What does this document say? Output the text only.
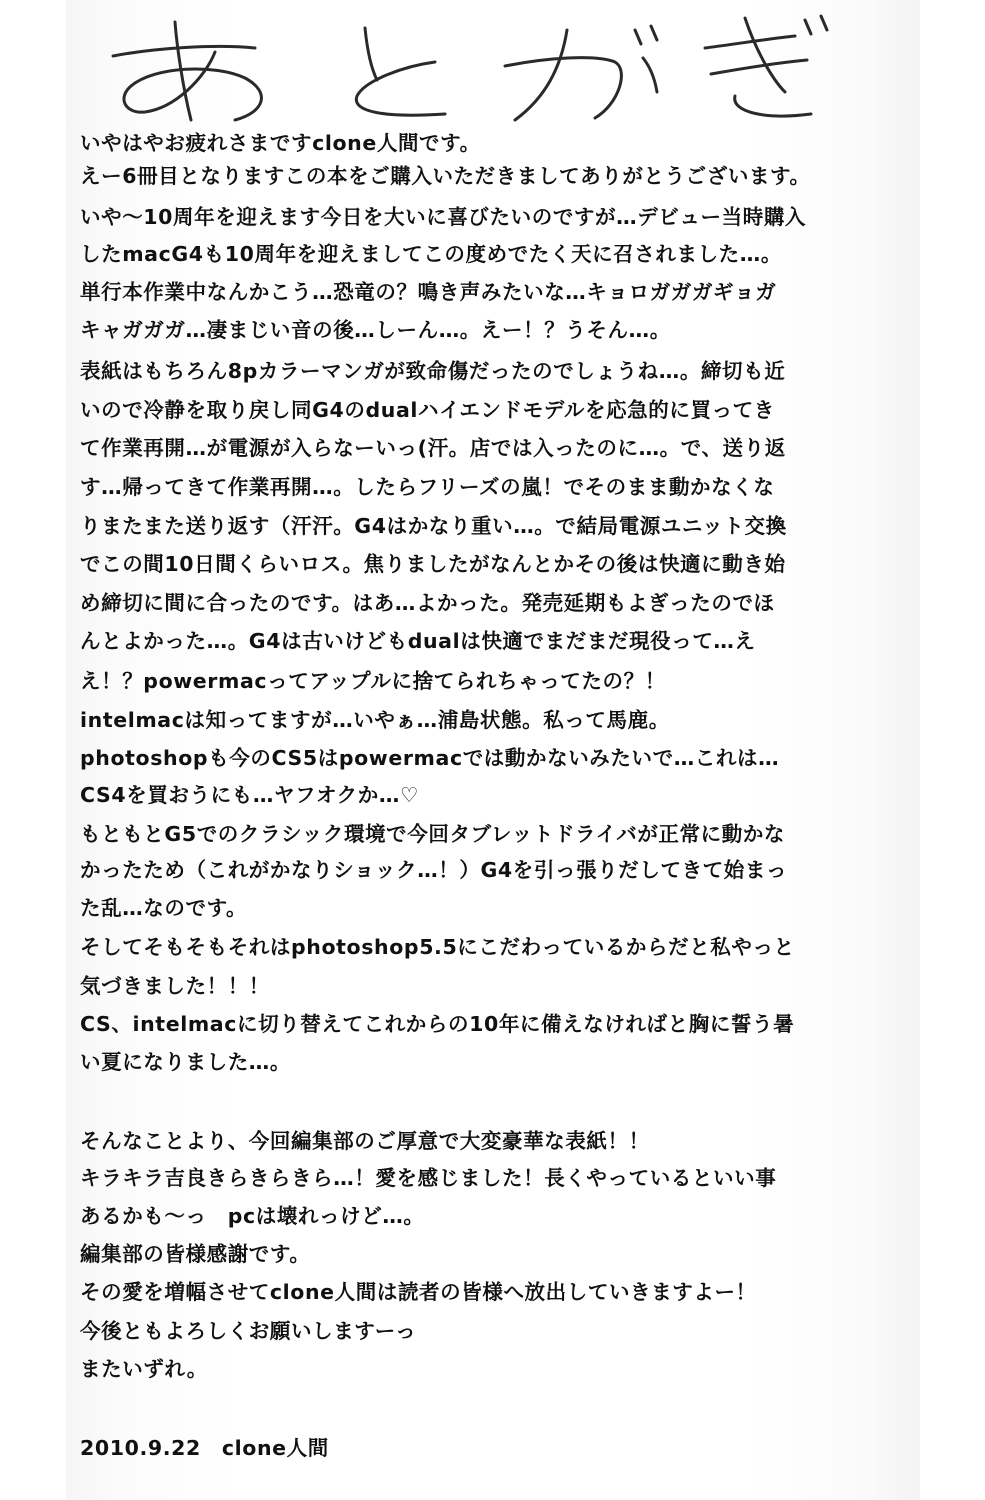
いやはやお疲れさまですclone人間です。

えー6冊目となりますこの本をご購入いただきましてありがとうございます。

いや～10周年を迎えます今日を大いに喜びたいのですが…デビュー当時購入

したmacG4も10周年を迎えましてこの度めでたく天に召されました…。

単行本作業中なんかこう…恐竜の？鳴き声みたいな…キョロガガガギョガ

キャガガガ…凄まじい音の後…しーん…。えー！？うそん…。

表紙はもちろん8pカラーマンガが致命傷だったのでしょうね…。締切も近

いので冷静を取り戻し同G4のdualハイエンドモデルを応急的に買ってき

て作業再開…が電源が入らなーいっ(汗。店では入ったのに…。で、送り返

す…帰ってきて作業再開…。したらフリーズの嵐！でそのまま動かなくな

りまたまた送り返す（汗汗。G4はかなり重い…。で結局電源ユニット交換

でこの間10日間くらいロス。焦りましたがなんとかその後は快適に動き始

め締切に間に合ったのです。はあ…よかった。発売延期もよぎったのでほ

んとよかった…。G4は古いけどもdualは快適でまだまだ現役って…え

え！？powermacってアップルに捨てられちゃってたの？！

intelmacは知ってますが…いやぁ…浦島状態。私って馬鹿。

photoshopも今のCS5はpowermacでは動かないみたいで…これは…

CS4を買おうにも…ヤフオクか…♡

もともとG5でのクラシック環境で今回タブレットドライバが正常に動かな

かったため（これがかなりショック…！）G4を引っ張りだしてきて始まっ

た乱…なのです。

そしてそもそもそれはphotoshop5.5にこだわっているからだと私やっと

気づきました！！！

CS、intelmacに切り替えてこれからの10年に備えなければと胸に誓う暑

い夏になりました…。

そんなことより、今回編集部のご厚意で大変豪華な表紙！！

キラキラ吉良きらきらきら…！愛を感じました！長くやっているといい事

あるかも～っ　pcは壊れっけど…。

編集部の皆様感謝です。

その愛を増幅させてclone人間は読者の皆様へ放出していきますよー！

今後ともよろしくお願いしますーっ

またいずれ。

2010.9.22　clone人間
